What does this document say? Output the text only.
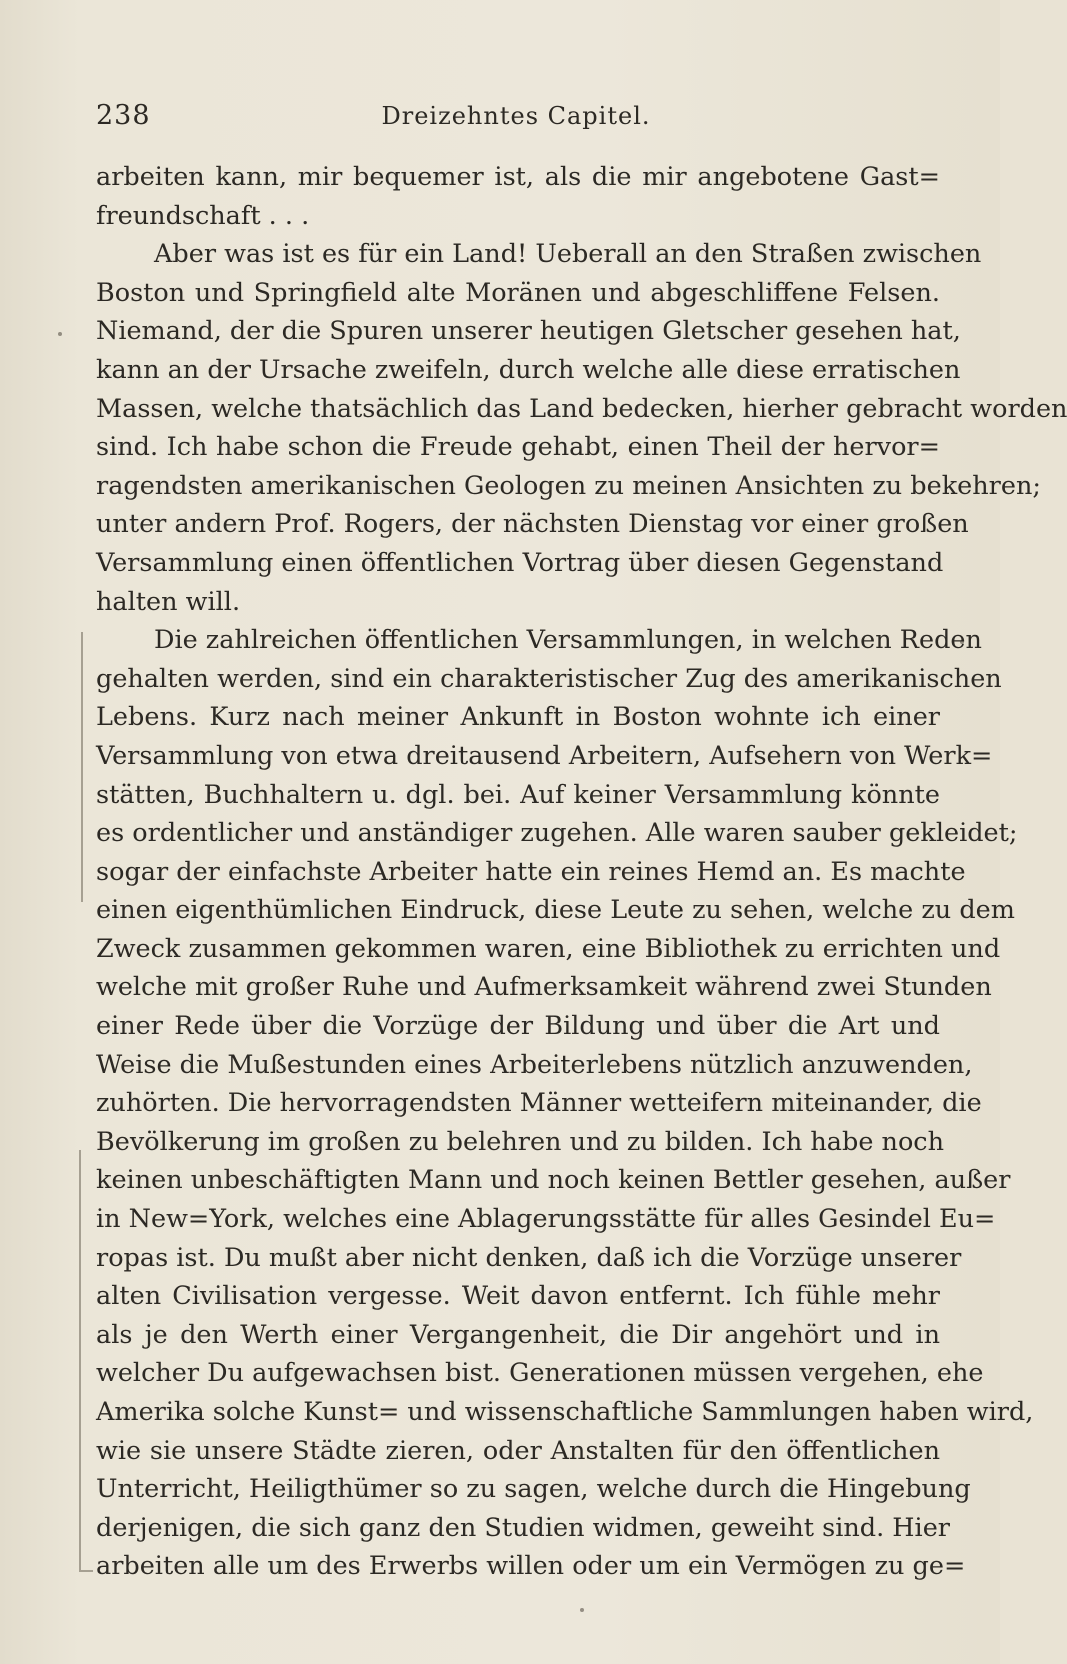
238	Dreizehntes Capitel.
arbeiten kann, mir bequemer ist, als die mir angebotene Gast=
freundschaft . . .
Aber was ist es für ein Land! Ueberall an den Straßen zwischen
Boston und Springfield alte Moränen und abgeschliffene Felsen.
Niemand, der die Spuren unserer heutigen Gletscher gesehen hat,
kann an der Ursache zweifeln, durch welche alle diese erratischen
Massen, welche thatsächlich das Land bedecken, hierher gebracht worden
sind. Ich habe schon die Freude gehabt, einen Theil der hervor=
ragendsten amerikanischen Geologen zu meinen Ansichten zu bekehren;
unter andern Prof. Rogers, der nächsten Dienstag vor einer großen
Versammlung einen öffentlichen Vortrag über diesen Gegenstand
halten will.
Die zahlreichen öffentlichen Versammlungen, in welchen Reden
gehalten werden, sind ein charakteristischer Zug des amerikanischen
Lebens. Kurz nach meiner Ankunft in Boston wohnte ich einer
Versammlung von etwa dreitausend Arbeitern, Aufsehern von Werk=
stätten, Buchhaltern u. dgl. bei. Auf keiner Versammlung könnte
es ordentlicher und anständiger zugehen. Alle waren sauber gekleidet;
sogar der einfachste Arbeiter hatte ein reines Hemd an. Es machte
einen eigenthümlichen Eindruck, diese Leute zu sehen, welche zu dem
Zweck zusammen gekommen waren, eine Bibliothek zu errichten und
welche mit großer Ruhe und Aufmerksamkeit während zwei Stunden
einer Rede über die Vorzüge der Bildung und über die Art und
Weise die Mußestunden eines Arbeiterlebens nützlich anzuwenden,
zuhörten. Die hervorragendsten Männer wetteifern miteinander, die
Bevölkerung im großen zu belehren und zu bilden. Ich habe noch
keinen unbeschäftigten Mann und noch keinen Bettler gesehen, außer
in New=York, welches eine Ablagerungsstätte für alles Gesindel Eu=
ropas ist. Du mußt aber nicht denken, daß ich die Vorzüge unserer
alten Civilisation vergesse. Weit davon entfernt. Ich fühle mehr
als je den Werth einer Vergangenheit, die Dir angehört und in
welcher Du aufgewachsen bist. Generationen müssen vergehen, ehe
Amerika solche Kunst= und wissenschaftliche Sammlungen haben wird,
wie sie unsere Städte zieren, oder Anstalten für den öffentlichen
Unterricht, Heiligthümer so zu sagen, welche durch die Hingebung
derjenigen, die sich ganz den Studien widmen, geweiht sind. Hier
arbeiten alle um des Erwerbs willen oder um ein Vermögen zu ge=
